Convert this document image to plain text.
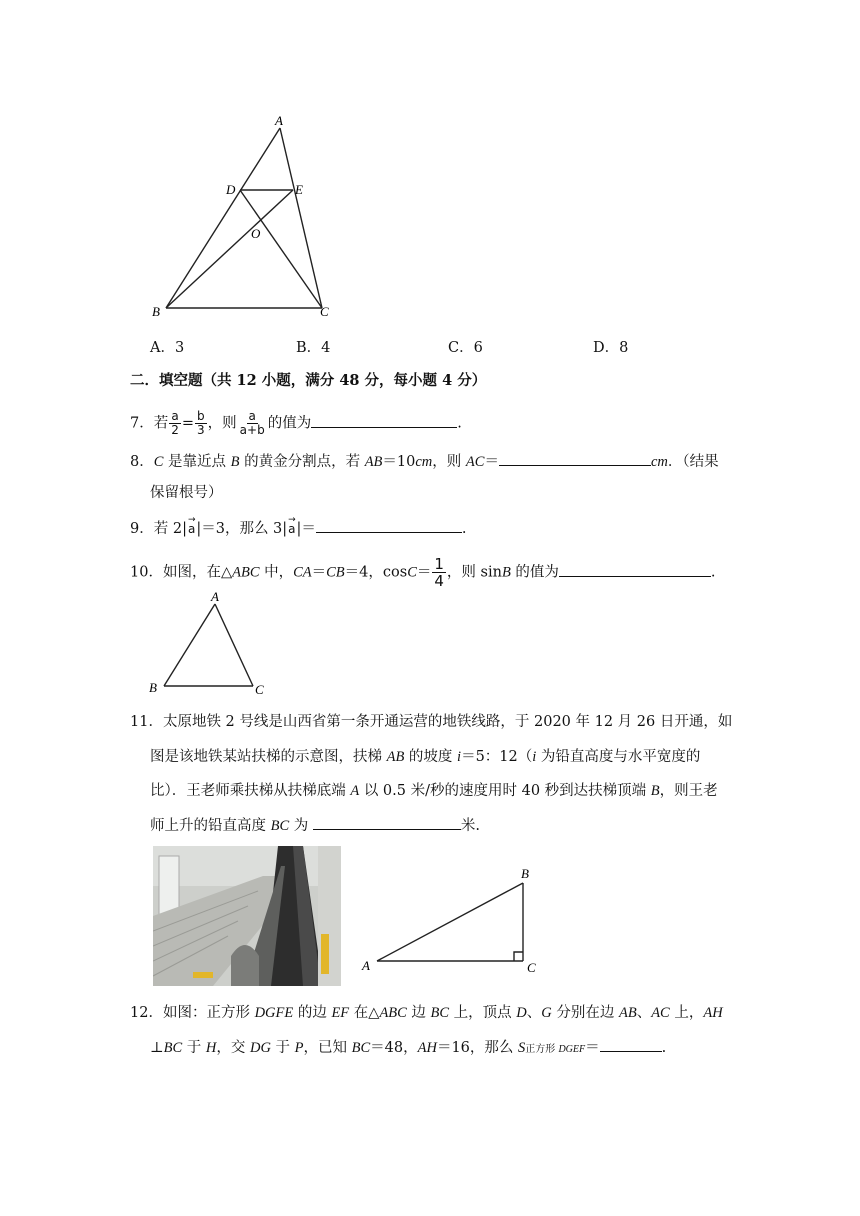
A
D	E
O
B	C
A．3	B．4	C．6	D．8
二．填空题（共 12 小题，满分 48 分，每小题 4 分）
7．若 $\frac{a}{2} = \frac{b}{3}$ ，则 $\frac{a}{a+b}$ 的值为	.
8．C 是靠近点 B 的黄金分割点，若 AB＝10cm，则 AC＝	cm．（结果
保留根号）
9．若 2|
→
a|＝3，那么 3|
→
a|＝	.
10．如图，在△ABC 中，CA＝CB＝4，$\cos C= \frac{1}{4}$ ，则 sinB 的值为	.
A
B	C
11．太原地铁 2 号线是山西省第一条开通运营的地铁线路，于 2020 年 12 月 26 日开通，如
图是该地铁某站扶梯的示意图，扶梯 AB 的坡度 i＝5：12（i 为铅直高度与水平宽度的
比）．王老师乘扶梯从扶梯底端 A 以 0.5 米/秒的速度用时 40 秒到达扶梯顶端 B，则王老
师上升的铅直高度 BC 为	米.
A
B
C
12．如图：正方形 DGFE 的边 EF 在△ABC 边 BC 上，顶点 D、G 分别在边 AB、AC 上，AH
⊥BC 于 H，交 DG 于 P，已知 BC＝48，AH＝16，那么 S正方形 DGEF＝	.
